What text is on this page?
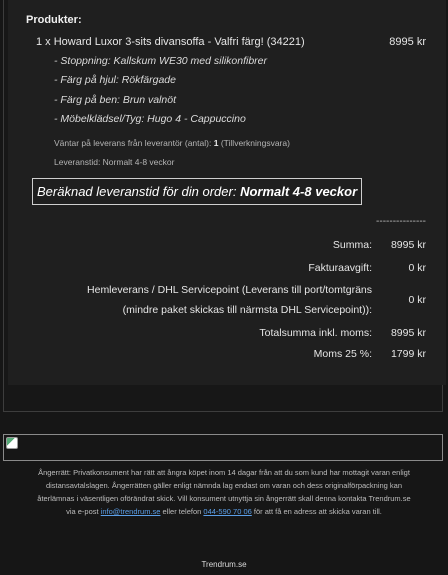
Produkter:
1 x Howard Luxor 3-sits divansoffa - Valfri färg! (34221)	8995 kr
- Stoppning: Kallskum WE30 med silikonfibrer
- Färg på hjul: Rökfärgade
- Färg på ben: Brun valnöt
- Möbelklädsel/Tyg: Hugo 4 - Cappuccino
Väntar på leverans från leverantör (antal): 1 (Tillverkningsvara)
Leveranstid: Normalt 4-8 veckor
Beräknad leveranstid för din order: Normalt 4-8 veckor
---------------
Summa: 8995 kr
Fakturaavgift:	0 kr
Hemleverans / DHL Servicepoint (Leverans till port/tomtgräns
(mindre paket skickas till närmsta DHL Servicepoint)):
0 kr
Totalsumma inkl. moms: 8995 kr
Moms 25 %: 1799 kr
Ångerrätt: Privatkonsument har rätt att ångra köpet inom 14 dagar från att du som kund har mottagit varan enligt
distansavtalslagen. Ångerrätten gäller enligt nämnda lag endast om varan och dess originalförpackning kan
återlämnas i väsentligen oförändrat skick. Vill konsument utnyttja sin ångerrätt skall denna kontakta Trendrum.se
via e-post info@trendrum.se eller telefon 044-590 70 06 för att få en adress att skicka varan till.
Trendrum.se
